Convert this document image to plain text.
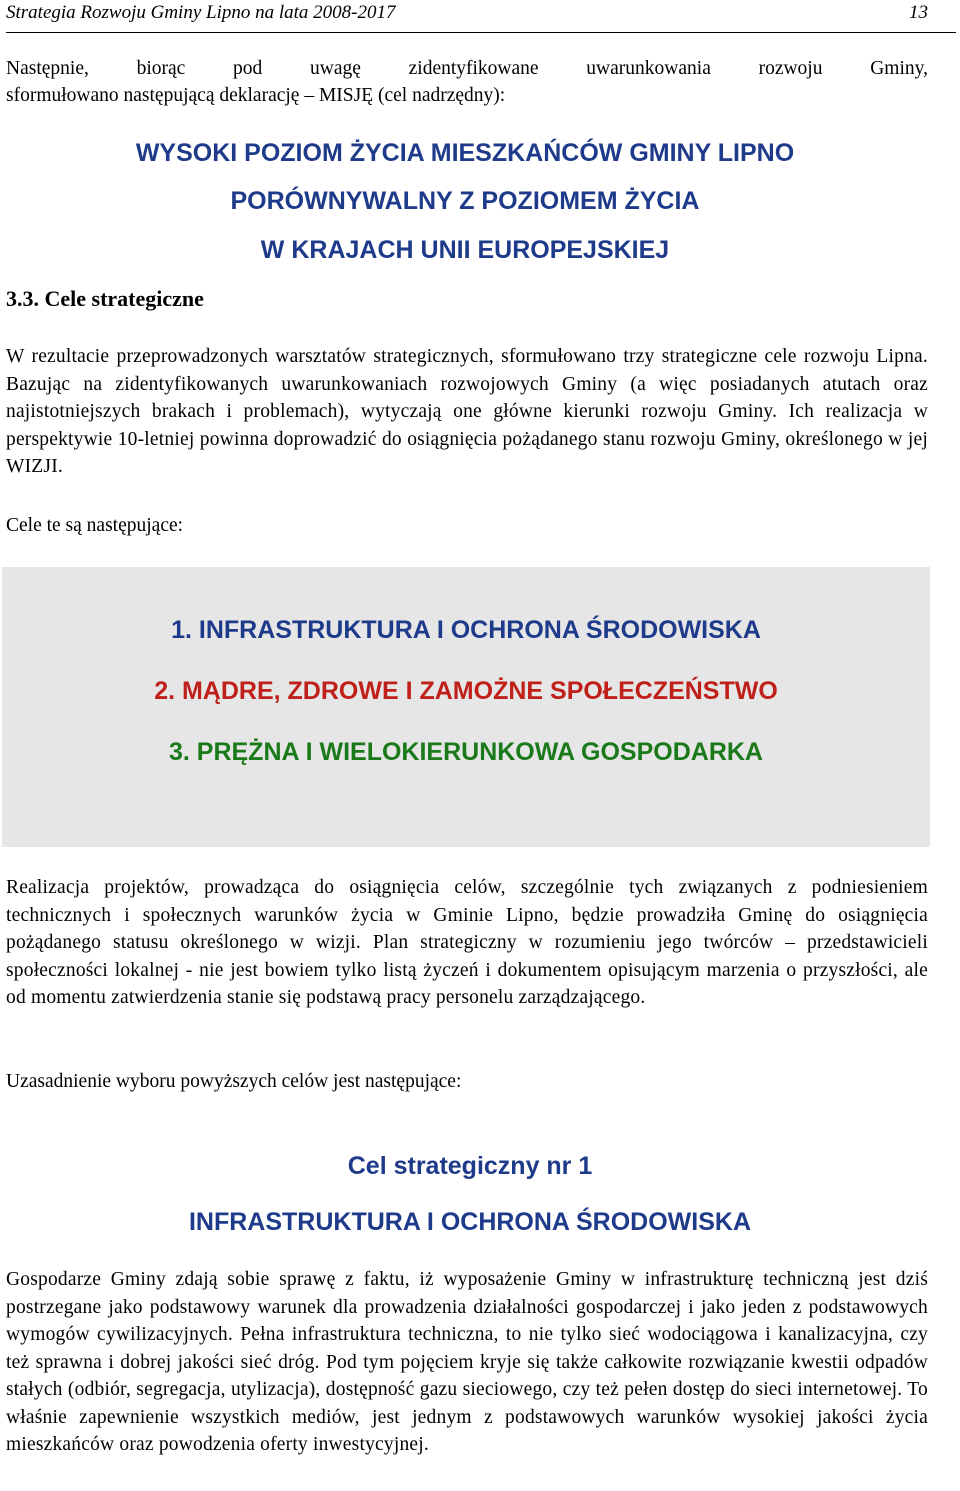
Strategia Rozwoju Gminy Lipno na lata 2008-2017	13
Następnie, biorąc pod uwagę zidentyfikowane uwarunkowania rozwoju Gminy,
sformułowano następującą deklarację – MISJĘ (cel nadrzędny):
WYSOKI POZIOM ŻYCIA MIESZKAŃCÓW GMINY LIPNO
PORÓWNYWALNY Z POZIOMEM ŻYCIA
W KRAJACH UNII EUROPEJSKIEJ
3.3. Cele strategiczne
W rezultacie przeprowadzonych warsztatów strategicznych, sformułowano trzy strategiczne cele rozwoju Lipna. Bazując na zidentyfikowanych uwarunkowaniach rozwojowych Gminy (a więc posiadanych atutach oraz najistotniejszych brakach i problemach), wytyczają one główne kierunki rozwoju Gminy. Ich realizacja w perspektywie 10-letniej powinna doprowadzić do osiągnięcia pożądanego stanu rozwoju Gminy, określonego w jej WIZJI.
Cele te są następujące:
1. INFRASTRUKTURA I OCHRONA ŚRODOWISKA
2. MĄDRE, ZDROWE I ZAMOŻNE SPOŁECZEŃSTWO
3. PRĘŻNA I WIELOKIERUNKOWA GOSPODARKA
Realizacja projektów, prowadząca do osiągnięcia celów, szczególnie tych związanych z podniesieniem technicznych i społecznych warunków życia w Gminie Lipno, będzie prowadziła Gminę do osiągnięcia pożądanego statusu określonego w wizji. Plan strategiczny w rozumieniu jego twórców – przedstawicieli społeczności lokalnej - nie jest bowiem tylko listą życzeń i dokumentem opisującym marzenia o przyszłości, ale od momentu zatwierdzenia stanie się podstawą pracy personelu zarządzającego.
Uzasadnienie wyboru powyższych celów jest następujące:
Cel strategiczny nr 1
INFRASTRUKTURA I OCHRONA ŚRODOWISKA
Gospodarze Gminy zdają sobie sprawę z faktu, iż wyposażenie Gminy w infrastrukturę techniczną jest dziś postrzegane jako podstawowy warunek dla prowadzenia działalności gospodarczej i jako jeden z podstawowych wymogów cywilizacyjnych. Pełna infrastruktura techniczna, to nie tylko sieć wodociągowa i kanalizacyjna, czy też sprawna i dobrej jakości sieć dróg. Pod tym pojęciem kryje się także całkowite rozwiązanie kwestii odpadów stałych (odbiór, segregacja, utylizacja), dostępność gazu sieciowego, czy też pełen dostęp do sieci internetowej. To właśnie zapewnienie wszystkich mediów, jest jednym z podstawowych warunków wysokiej jakości życia mieszkańców oraz powodzenia oferty inwestycyjnej.
